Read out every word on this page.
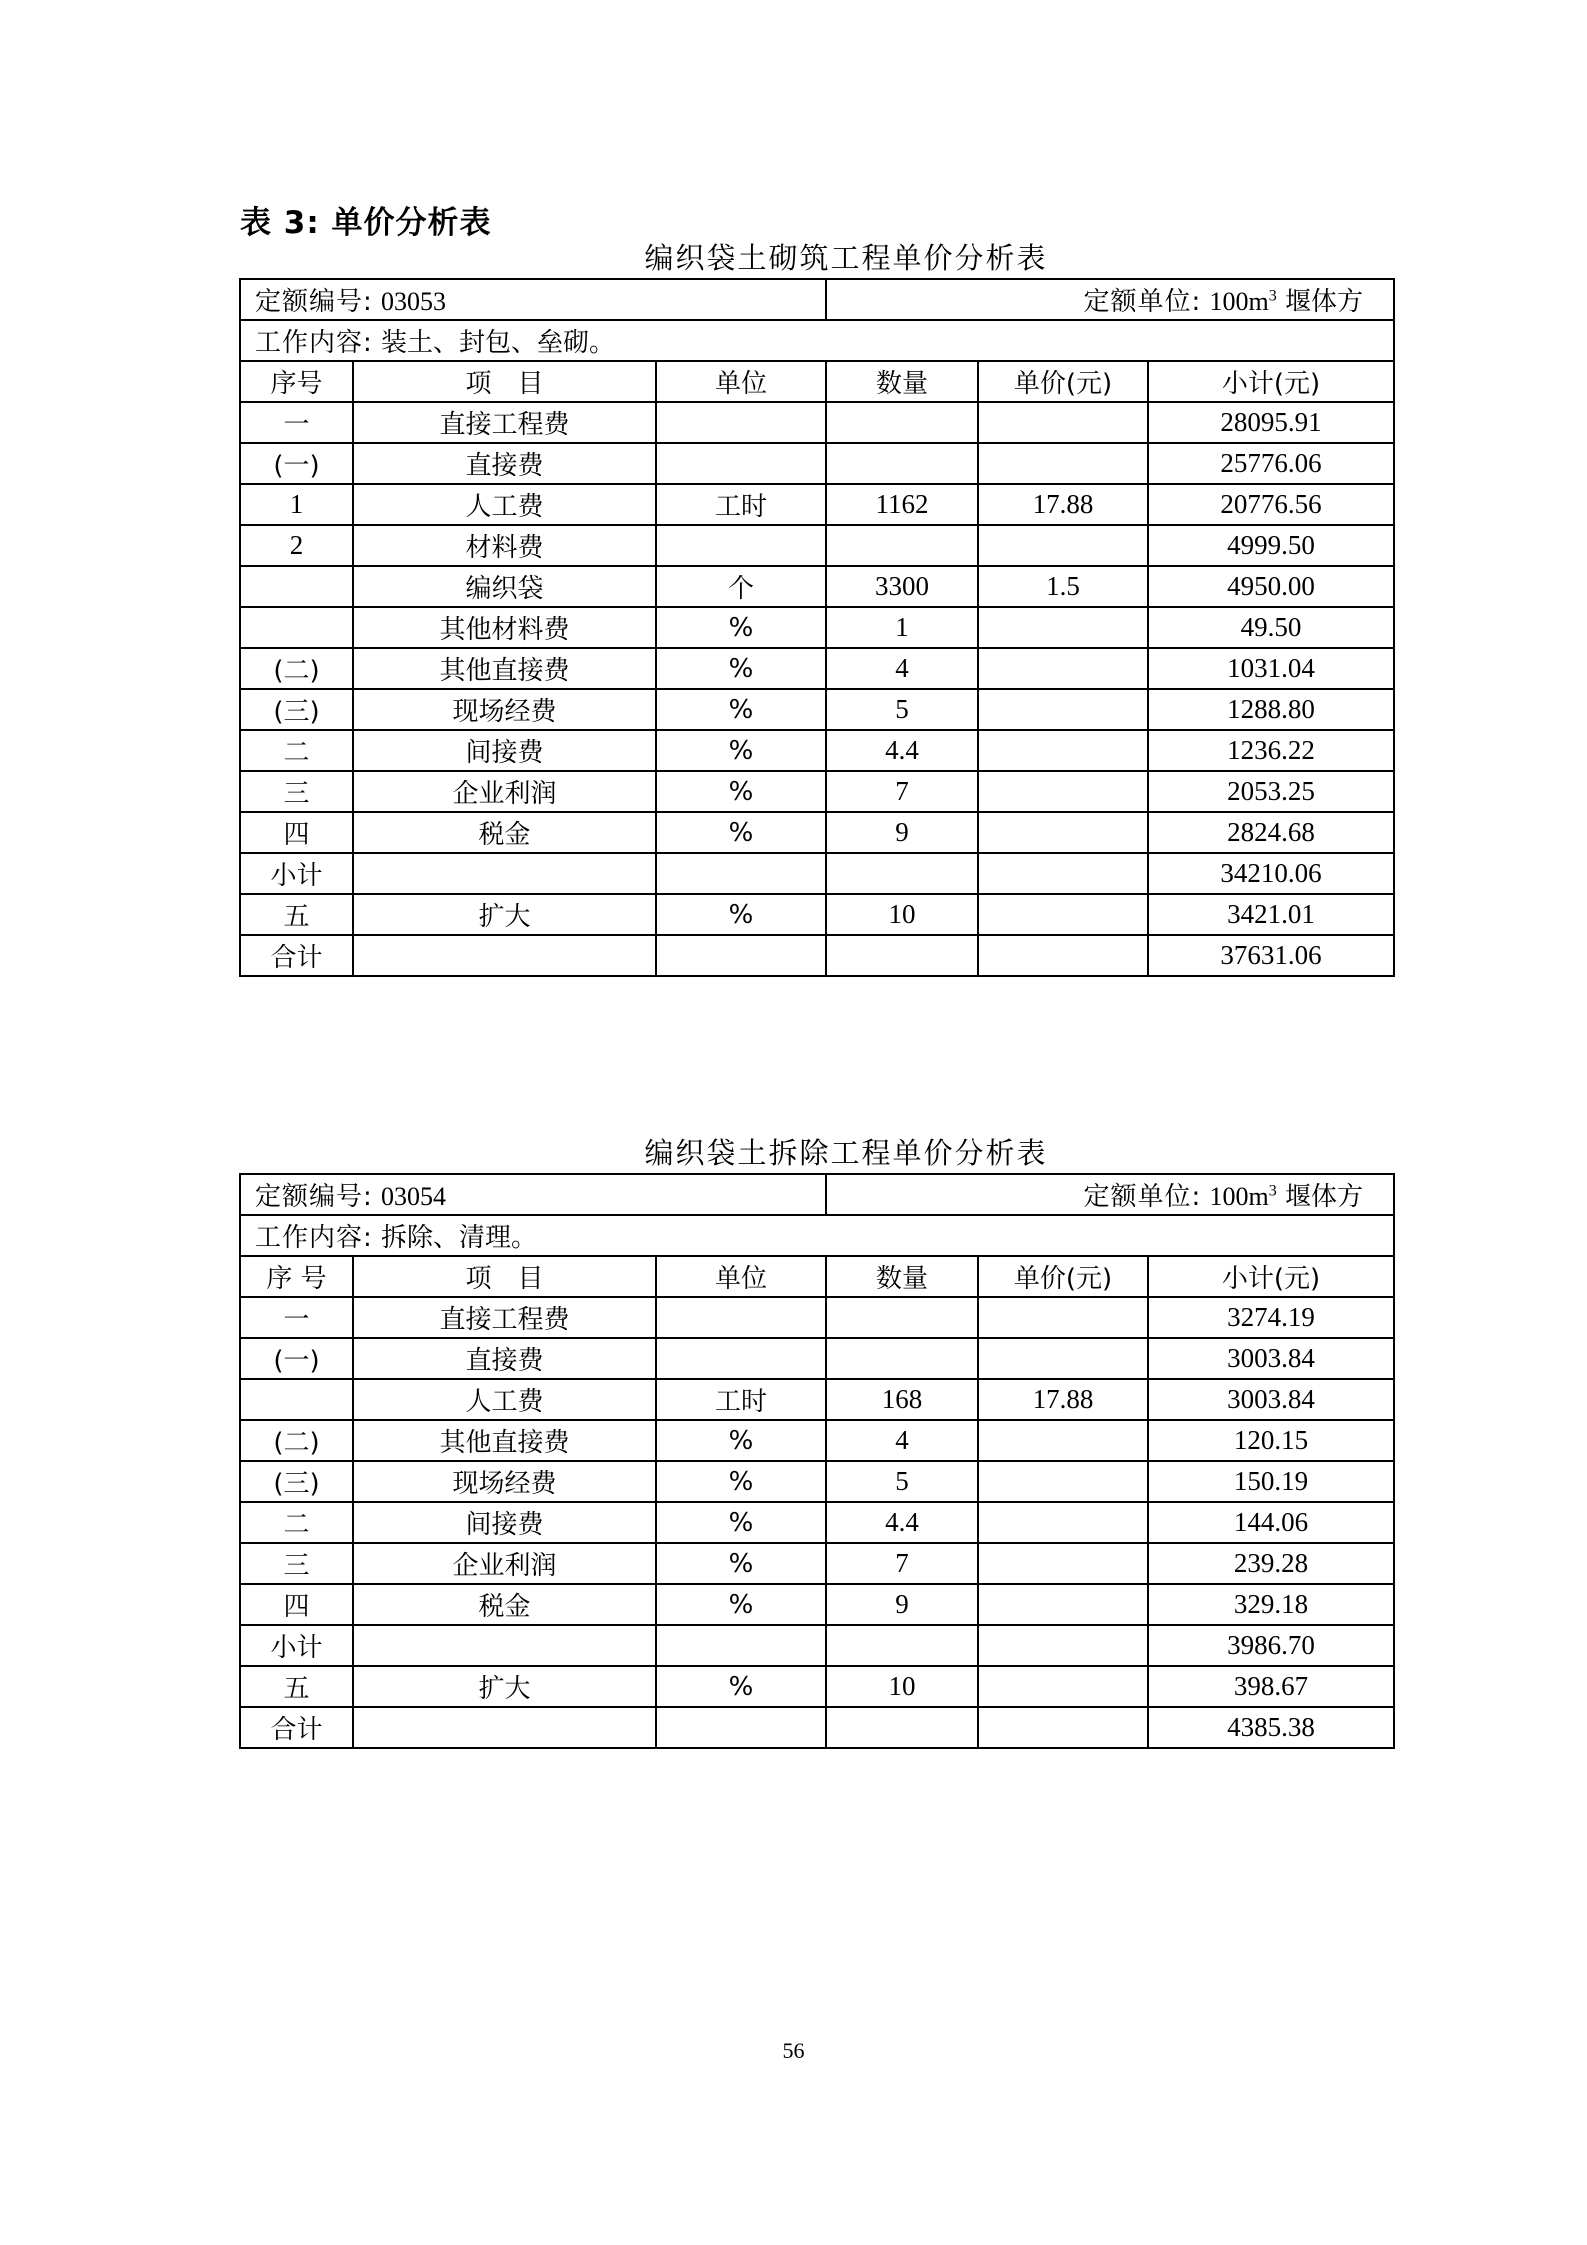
表 3: 单价分析表
编织袋土砌筑工程单价分析表
定额编号: 03053			定额单位: $100m^3$ 堰体方		
工作内容: 装土、封包、垒砌。					
序号	项　目	单位	数量	单价(元)	小计(元)
一	直接工程费				28095.91
(一)	直接费				25776.06
1	人工费	工时	1162	17.88	20776.56
2	材料费				4999.50
	编织袋	个	3300	1.5	4950.00
	其他材料费	%	1		49.50
(二)	其他直接费	%	4		1031.04
(三)	现场经费	%	5		1288.80
二	间接费	%	4.4		1236.22
三	企业利润	%	7		2053.25
四	税金	%	9		2824.68
小计					34210.06
五	扩大	%	10		3421.01
合计					37631.06
编织袋土拆除工程单价分析表
定额编号: 03054			定额单位: $100m^3$ 堰体方		
工作内容: 拆除、清理。					
序 号	项　目	单位	数量	单价(元)	小计(元)
一	直接工程费				3274.19
(一)	直接费				3003.84
	人工费	工时	168	17.88	3003.84
(二)	其他直接费	%	4		120.15
(三)	现场经费	%	5		150.19
二	间接费	%	4.4		144.06
三	企业利润	%	7		239.28
四	税金	%	9		329.18
小计					3986.70
五	扩大	%	10		398.67
合计					4385.38
56
